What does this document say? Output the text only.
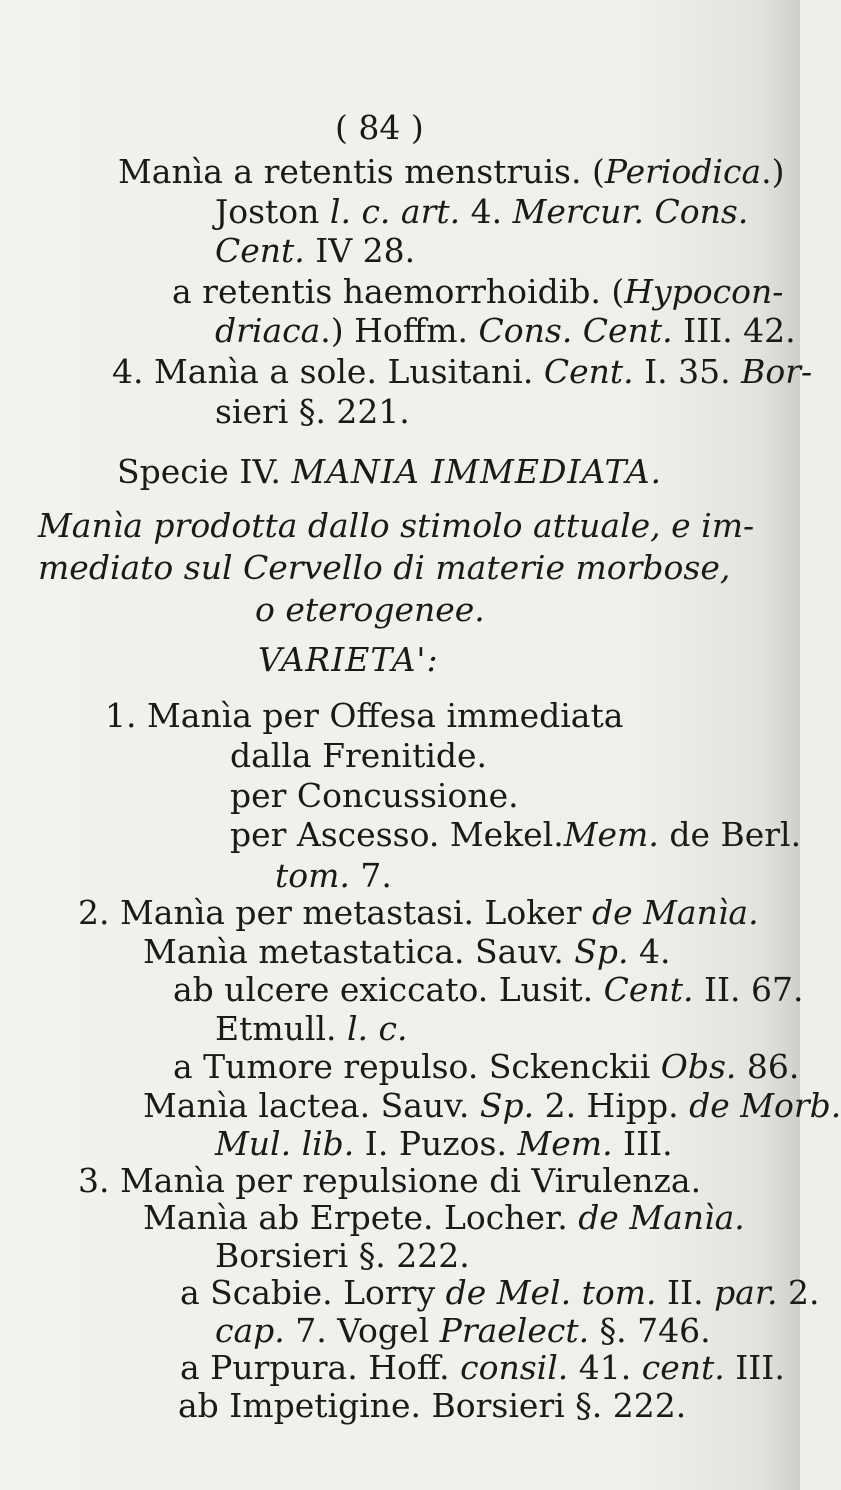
( 84 )
Manìa a retentis menstruis. (Periodica.)
Joston l. c. art. 4. Mercur. Cons.
Cent. IV 28.
a retentis haemorrhoidib. (Hypocon-
driaca.) Hoffm. Cons. Cent. III. 42.
4. Manìa a sole. Lusitani. Cent. I. 35. Bor-
sieri §. 221.
Specie IV. MANIA IMMEDIATA.
Manìa prodotta dallo stimolo attuale, e im-
mediato sul Cervello di materie morbose,
o eterogenee.
VARIETA':
1. Manìa per Offesa immediata
dalla Frenitide.
per Concussione.
per Ascesso. Mekel.Mem. de Berl.
tom. 7.
2. Manìa per metastasi. Loker de Manìa.
Manìa metastatica. Sauv. Sp. 4.
ab ulcere exiccato. Lusit. Cent. II. 67.
Etmull. l. c.
a Tumore repulso. Sckenckii Obs. 86.
Manìa lactea. Sauv. Sp. 2. Hipp. de Morb.
Mul. lib. I. Puzos. Mem. III.
3. Manìa per repulsione di Virulenza.
Manìa ab Erpete. Locher. de Manìa.
Borsieri §. 222.
a Scabie. Lorry de Mel. tom. II. par. 2.
cap. 7. Vogel Praelect. §. 746.
a Purpura. Hoff. consil. 41. cent. III.
ab Impetigine. Borsieri §. 222.
